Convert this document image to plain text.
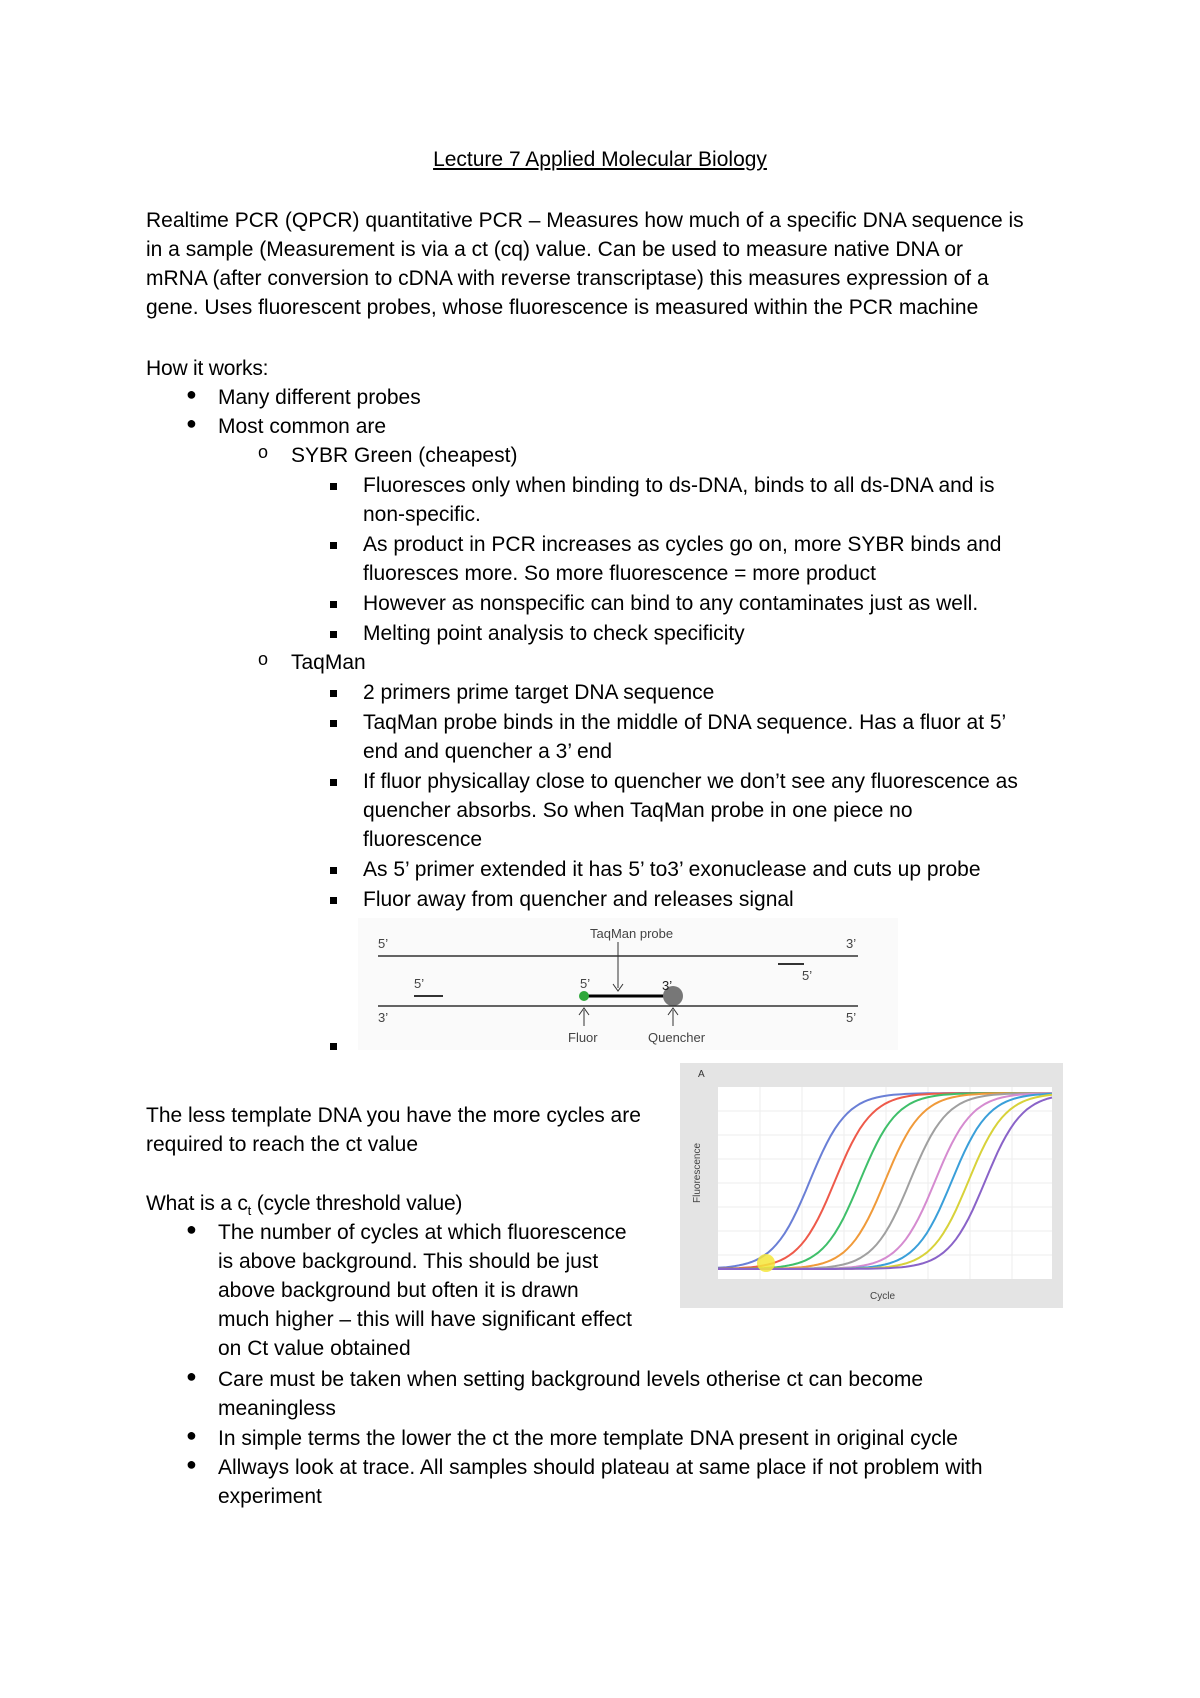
Lecture 7 Applied Molecular Biology
Realtime PCR (QPCR) quantitative PCR – Measures how much of a specific DNA sequence is
in a sample (Measurement is via a ct (cq) value. Can be used to measure native DNA or
mRNA (after conversion to cDNA with reverse transcriptase) this measures expression of a
gene. Uses fluorescent probes, whose fluorescence is measured within the PCR machine
How it works:
● Many different probes
● Most common are
o SYBR Green (cheapest)
Fluoresces only when binding to ds-DNA, binds to all ds-DNA and is
non-specific.
As product in PCR increases as cycles go on, more SYBR binds and
fluoresces more. So more fluorescence = more product
However as nonspecific can bind to any contaminates just as well.
Melting point analysis to check specificity
o TaqMan
2 primers prime target DNA sequence
TaqMan probe binds in the middle of DNA sequence. Has a fluor at 5’
end and quencher a 3’ end
If fluor physicallay close to quencher we don’t see any fluorescence as
quencher absorbs. So when TaqMan probe in one piece no
fluorescence
As 5’ primer extended it has 5’ to3’ exonuclease and cuts up probe
Fluor away from quencher and releases signal
5’	3’
TaqMan probe
5’
5’	5’	3’
3’	5’
Fluor	Quencher
The less template DNA you have the more cycles are
required to reach the ct value
What is a $c_t$ (cycle threshold value)
● The number of cycles at which fluorescence
is above background. This should be just
above background but often it is drawn
much higher – this will have significant effect
on Ct value obtained
● Care must be taken when setting background levels otherise ct can become
meaningless
● In simple terms the lower the ct the more template DNA present in original cycle
● Allways look at trace. All samples should plateau at same place if not problem with
experiment
A
Fluorescence
Cycle
